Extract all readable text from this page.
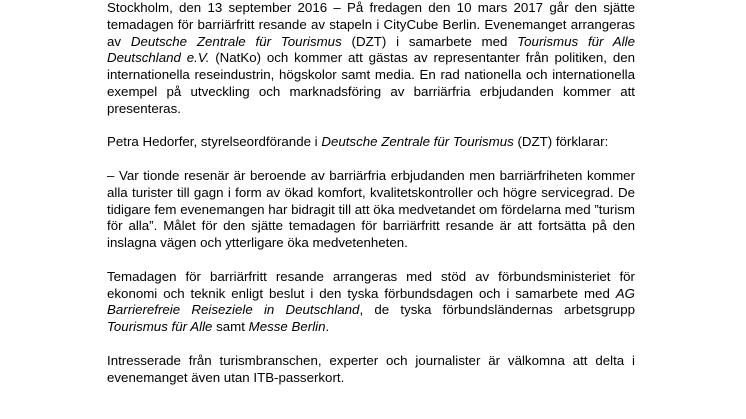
Stockholm, den 13 september 2016 – På fredagen den 10 mars 2017 går den sjätte
temadagen för barriärfritt resande av stapeln i CityCube Berlin. Evenemanget arrangeras
av Deutsche Zentrale für Tourismus (DZT) i samarbete med Tourismus für Alle
Deutschland e.V. (NatKo) och kommer att gästas av representanter från politiken, den
internationella reseindustrin, högskolor samt media. En rad nationella och internationella
exempel på utveckling och marknadsföring av barriärfria erbjudanden kommer att
presenteras.
Petra Hedorfer, styrelseordförande i Deutsche Zentrale für Tourismus (DZT) förklarar:
– Var tionde resenär är beroende av barriärfria erbjudanden men barriärfriheten kommer
alla turister till gagn i form av ökad komfort, kvalitetskontroller och högre servicegrad. De
tidigare fem evenemangen har bidragit till att öka medvetandet om fördelarna med ”turism
för alla”. Målet för den sjätte temadagen för barriärfritt resande är att fortsätta på den
inslagna vägen och ytterligare öka medvetenheten.
Temadagen för barriärfritt resande arrangeras med stöd av förbundsministeriet för
ekonomi och teknik enligt beslut i den tyska förbundsdagen och i samarbete med AG
Barrierefreie Reiseziele in Deutschland, de tyska förbundsländernas arbetsgrupp
Tourismus für Alle samt Messe Berlin.
Intresserade från turismbranschen, experter och journalister är välkomna att delta i
evenemanget även utan ITB-passerkort.
